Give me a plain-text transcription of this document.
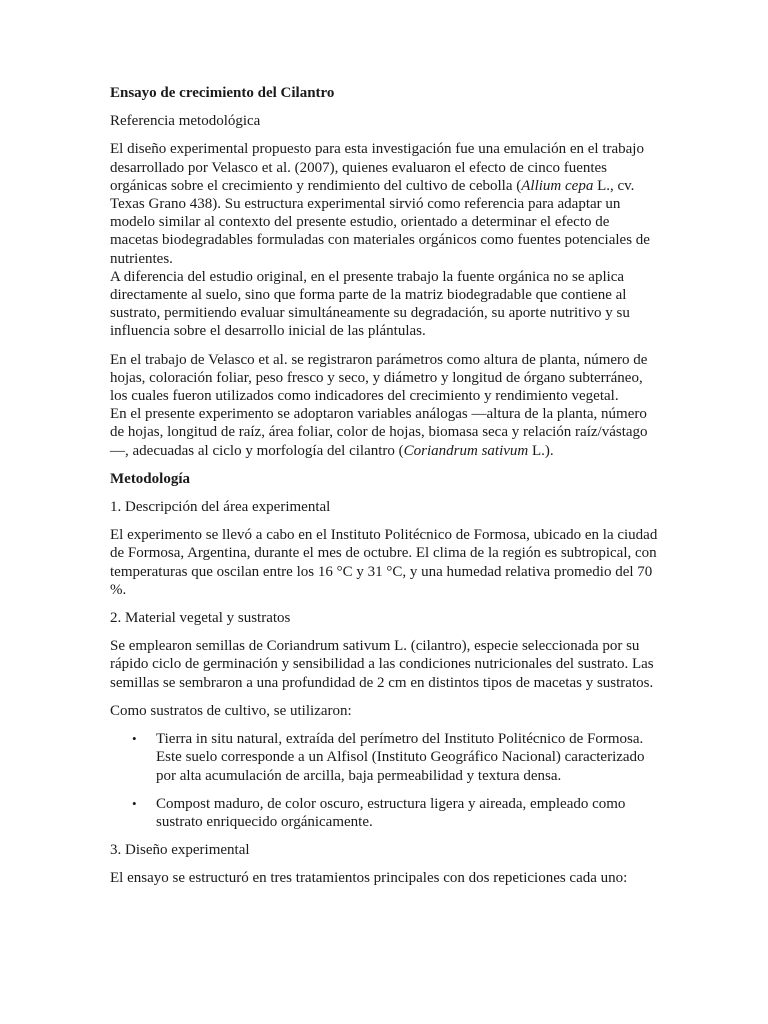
Ensayo de crecimiento del Cilantro

Referencia metodológica

El diseño experimental propuesto para esta investigación fue una emulación en el trabajo desarrollado por Velasco et al. (2007), quienes evaluaron el efecto de cinco fuentes orgánicas sobre el crecimiento y rendimiento del cultivo de cebolla (Allium cepa L., cv. Texas Grano 438). Su estructura experimental sirvió como referencia para adaptar un modelo similar al contexto del presente estudio, orientado a determinar el efecto de macetas biodegradables formuladas con materiales orgánicos como fuentes potenciales de nutrientes.
A diferencia del estudio original, en el presente trabajo la fuente orgánica no se aplica directamente al suelo, sino que forma parte de la matriz biodegradable que contiene al sustrato, permitiendo evaluar simultáneamente su degradación, su aporte nutritivo y su influencia sobre el desarrollo inicial de las plántulas.

En el trabajo de Velasco et al. se registraron parámetros como altura de planta, número de hojas, coloración foliar, peso fresco y seco, y diámetro y longitud de órgano subterráneo, los cuales fueron utilizados como indicadores del crecimiento y rendimiento vegetal.
En el presente experimento se adoptaron variables análogas —altura de la planta, número de hojas, longitud de raíz, área foliar, color de hojas, biomasa seca y relación raíz/vástago—, adecuadas al ciclo y morfología del cilantro (Coriandrum sativum L.).

Metodología

1. Descripción del área experimental

El experimento se llevó a cabo en el Instituto Politécnico de Formosa, ubicado en la ciudad de Formosa, Argentina, durante el mes de octubre. El clima de la región es subtropical, con temperaturas que oscilan entre los 16 °C y 31 °C, y una humedad relativa promedio del 70 %.

2. Material vegetal y sustratos

Se emplearon semillas de Coriandrum sativum L. (cilantro), especie seleccionada por su rápido ciclo de germinación y sensibilidad a las condiciones nutricionales del sustrato. Las semillas se sembraron a una profundidad de 2 cm en distintos tipos de macetas y sustratos.

Como sustratos de cultivo, se utilizaron:

• Tierra in situ natural, extraída del perímetro del Instituto Politécnico de Formosa. Este suelo corresponde a un Alfisol (Instituto Geográfico Nacional) caracterizado por alta acumulación de arcilla, baja permeabilidad y textura densa.
• Compost maduro, de color oscuro, estructura ligera y aireada, empleado como sustrato enriquecido orgánicamente.

3. Diseño experimental

El ensayo se estructuró en tres tratamientos principales con dos repeticiones cada uno:
